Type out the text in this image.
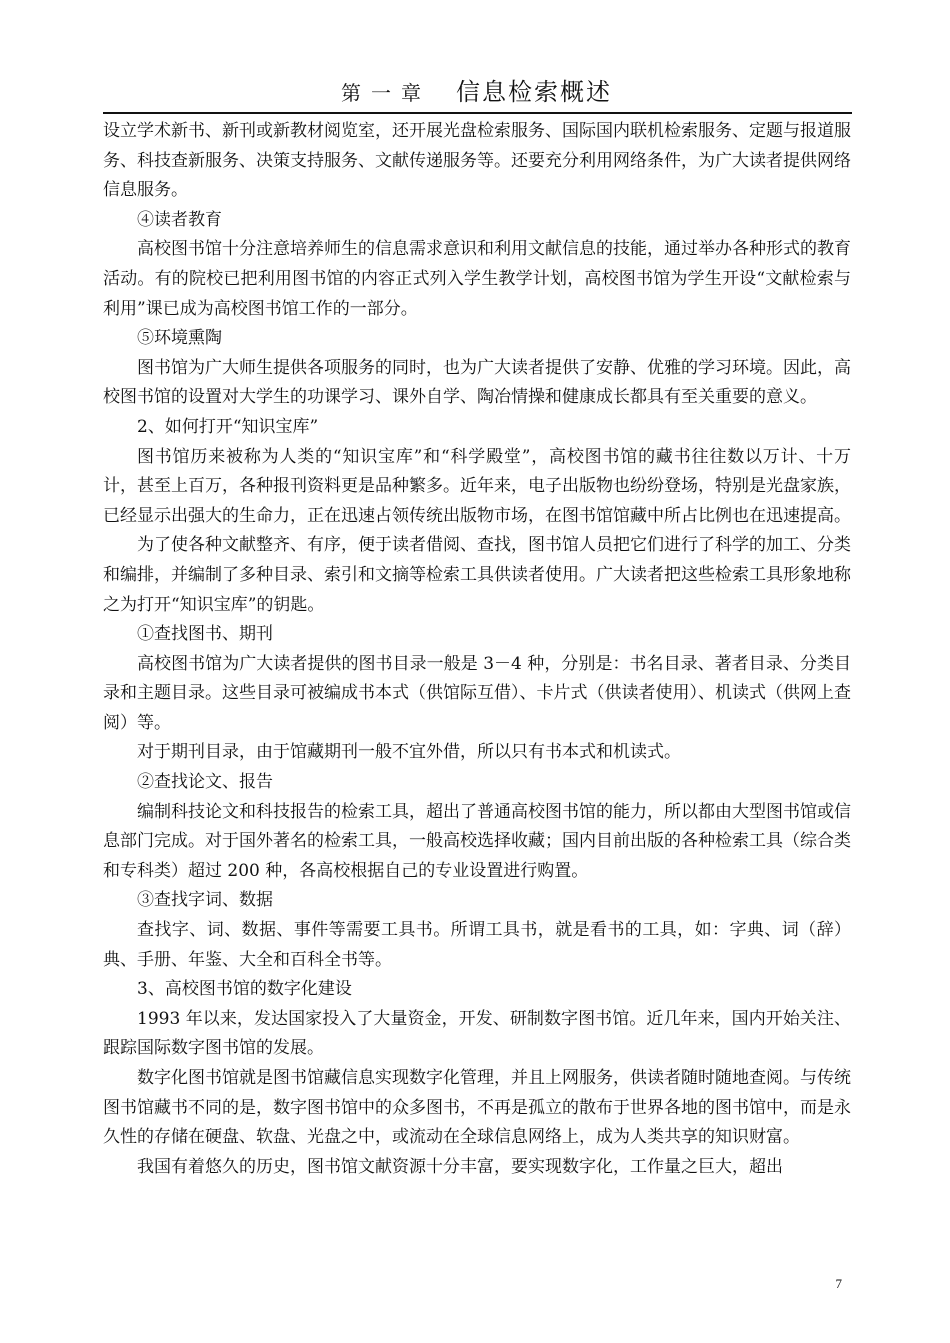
第一章 信息检索概述

设立学术新书、新刊或新教材阅览室，还开展光盘检索服务、国际国内联机检索服务、定题与报道服务、科技查新服务、决策支持服务、文献传递服务等。还要充分利用网络条件，为广大读者提供网络信息服务。

④读者教育

高校图书馆十分注意培养师生的信息需求意识和利用文献信息的技能，通过举办各种形式的教育活动。有的院校已把利用图书馆的内容正式列入学生教学计划，高校图书馆为学生开设“文献检索与利用”课已成为高校图书馆工作的一部分。

⑤环境熏陶

图书馆为广大师生提供各项服务的同时，也为广大读者提供了安静、优雅的学习环境。因此，高校图书馆的设置对大学生的功课学习、课外自学、陶冶情操和健康成长都具有至关重要的意义。

2、如何打开“知识宝库”

图书馆历来被称为人类的“知识宝库”和“科学殿堂”，高校图书馆的藏书往往数以万计、十万计，甚至上百万，各种报刊资料更是品种繁多。近年来，电子出版物也纷纷登场，特别是光盘家族，已经显示出强大的生命力，正在迅速占领传统出版物市场，在图书馆馆藏中所占比例也在迅速提高。

为了使各种文献整齐、有序，便于读者借阅、查找，图书馆人员把它们进行了科学的加工、分类和编排，并编制了多种目录、索引和文摘等检索工具供读者使用。广大读者把这些检索工具形象地称之为打开“知识宝库”的钥匙。

①查找图书、期刊

高校图书馆为广大读者提供的图书目录一般是 3－4 种，分别是：书名目录、著者目录、分类目录和主题目录。这些目录可被编成书本式（供馆际互借）、卡片式（供读者使用）、机读式（供网上查阅）等。

对于期刊目录，由于馆藏期刊一般不宜外借，所以只有书本式和机读式。

②查找论文、报告

编制科技论文和科技报告的检索工具，超出了普通高校图书馆的能力，所以都由大型图书馆或信息部门完成。对于国外著名的检索工具，一般高校选择收藏；国内目前出版的各种检索工具（综合类和专科类）超过 200 种，各高校根据自己的专业设置进行购置。

③查找字词、数据

查找字、词、数据、事件等需要工具书。所谓工具书，就是看书的工具，如：字典、词（辞）典、手册、年鉴、大全和百科全书等。

3、高校图书馆的数字化建设

1993 年以来，发达国家投入了大量资金，开发、研制数字图书馆。近几年来，国内开始关注、跟踪国际数字图书馆的发展。

数字化图书馆就是图书馆藏信息实现数字化管理，并且上网服务，供读者随时随地查阅。与传统图书馆藏书不同的是，数字图书馆中的众多图书，不再是孤立的散布于世界各地的图书馆中，而是永久性的存储在硬盘、软盘、光盘之中，或流动在全球信息网络上，成为人类共享的知识财富。

我国有着悠久的历史，图书馆文献资源十分丰富，要实现数字化，工作量之巨大，超出

7
